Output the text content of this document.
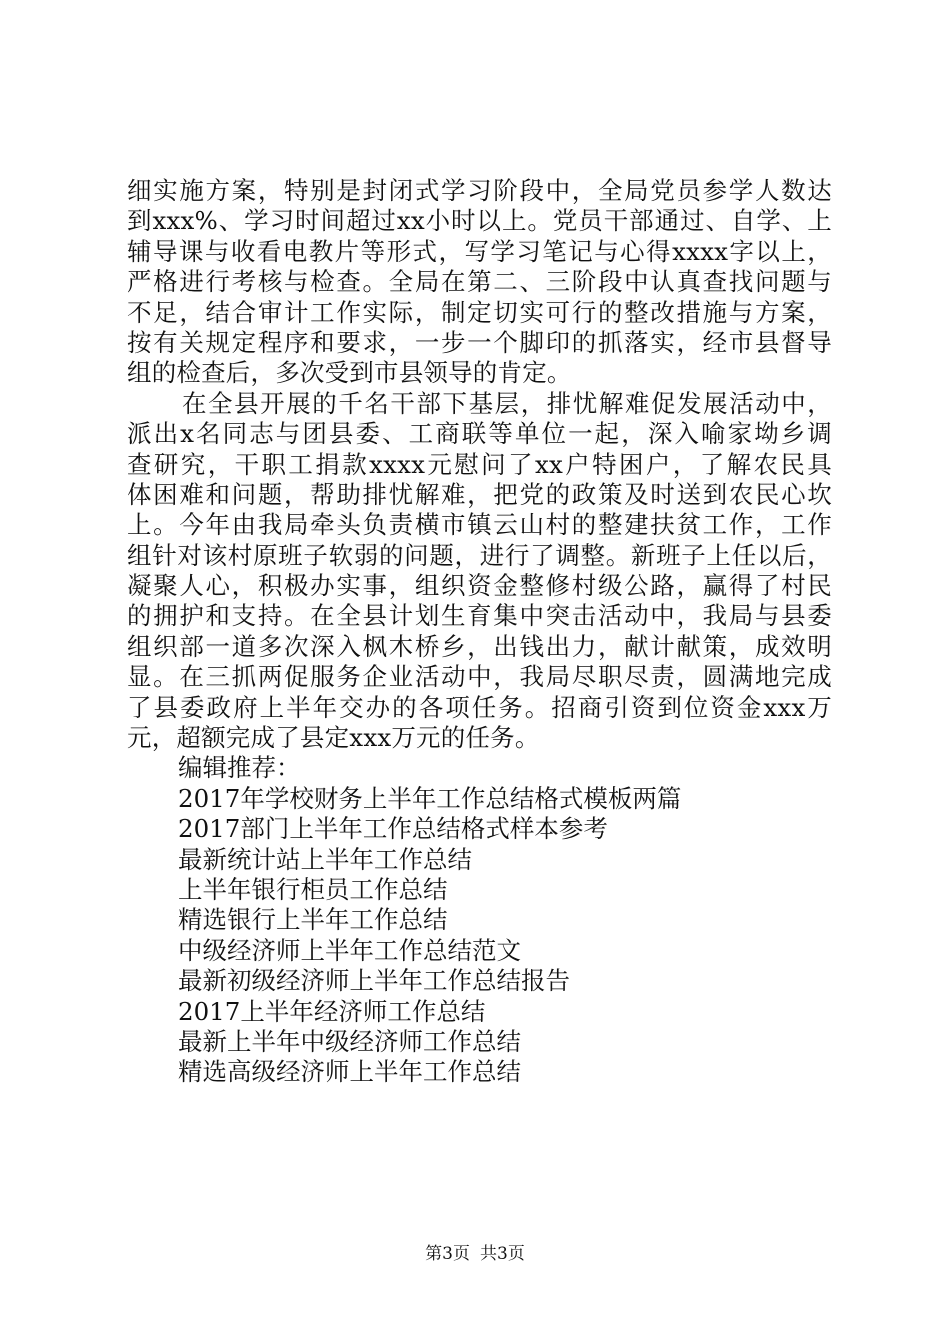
细实施方案，特别是封闭式学习阶段中，全局党员参学人数达
到xxx%、学习时间超过xx小时以上。党员干部通过、自学、上
辅导课与收看电教片等形式，写学习笔记与心得xxxx字以上，
严格进行考核与检查。全局在第二、三阶段中认真查找问题与
不足，结合审计工作实际，制定切实可行的整改措施与方案，
按有关规定程序和要求，一步一个脚印的抓落实，经市县督导
组的检查后，多次受到市县领导的肯定。
在全县开展的千名干部下基层，排忧解难促发展活动中，
派出x名同志与团县委、工商联等单位一起，深入喻家坳乡调
查研究，干职工捐款xxxx元慰问了xx户特困户，了解农民具
体困难和问题，帮助排忧解难，把党的政策及时送到农民心坎
上。今年由我局牵头负责横市镇云山村的整建扶贫工作，工作
组针对该村原班子软弱的问题，进行了调整。新班子上任以后，
凝聚人心，积极办实事，组织资金整修村级公路，赢得了村民
的拥护和支持。在全县计划生育集中突击活动中，我局与县委
组织部一道多次深入枫木桥乡，出钱出力，献计献策，成效明
显。在三抓两促服务企业活动中，我局尽职尽责，圆满地完成
了县委政府上半年交办的各项任务。招商引资到位资金xxx万
元，超额完成了县定xxx万元的任务。
编辑推荐：
2017年学校财务上半年工作总结格式模板两篇
2017部门上半年工作总结格式样本参考
最新统计站上半年工作总结
上半年银行柜员工作总结
精选银行上半年工作总结
中级经济师上半年工作总结范文
最新初级经济师上半年工作总结报告
2017上半年经济师工作总结
最新上半年中级经济师工作总结
精选高级经济师上半年工作总结
第3页 共3页
